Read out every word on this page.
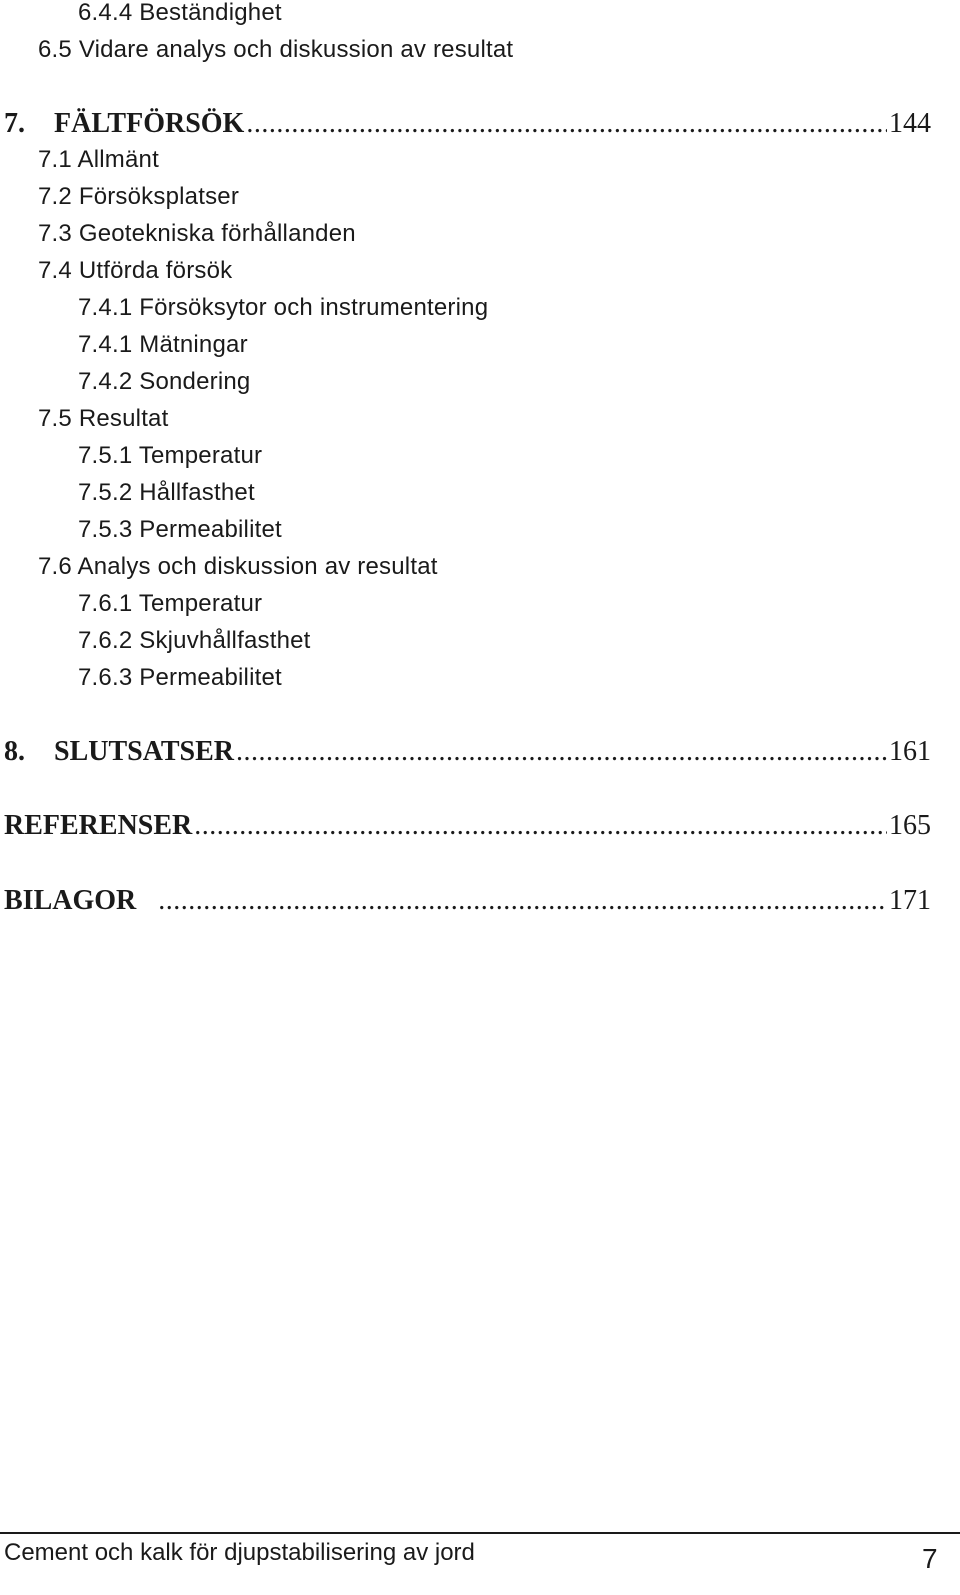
6.4.4 Beständighet
6.5 Vidare analys och diskussion av resultat
7.	FÄLTFÖRSÖK .....	144
7.1 Allmänt
7.2 Försöksplatser
7.3 Geotekniska förhållanden
7.4 Utförda försök
7.4.1 Försöksytor och instrumentering
7.4.1 Mätningar
7.4.2 Sondering
7.5 Resultat
7.5.1 Temperatur
7.5.2 Hållfasthet
7.5.3 Permeabilitet
7.6 Analys och diskussion av resultat
7.6.1 Temperatur
7.6.2 Skjuvhållfasthet
7.6.3 Permeabilitet
8.	SLUTSATSER .....	161
REFERENSER .....	165
BILAGOR .....	171
Cement och kalk för djupstabilisering av jord	7
